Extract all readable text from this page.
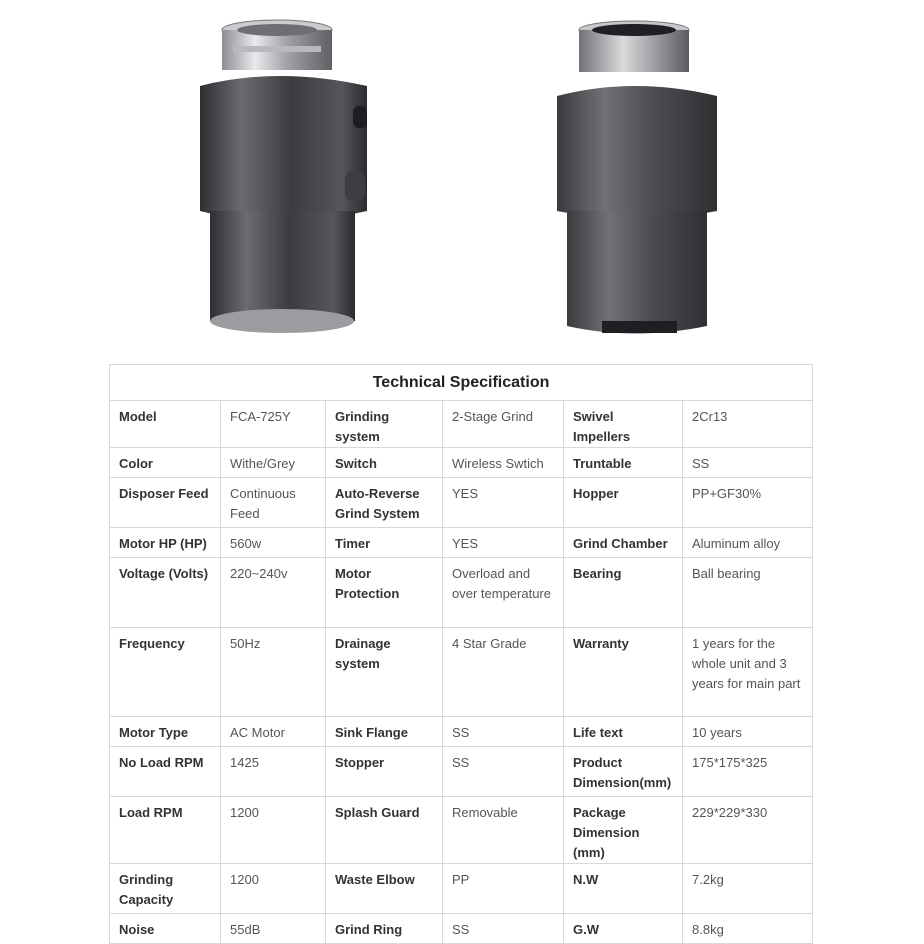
Technical Specification					
Model	FCA-725Y	Grinding system	2-Stage Grind	Swivel Impellers	2Cr13
Color	Withe/Grey	Switch	Wireless Swtich	Truntable	SS
Disposer Feed	Continuous Feed	Auto-Reverse Grind System	YES	Hopper	PP+GF30%
Motor HP (HP)	560w	Timer	YES	Grind Chamber	Aluminum alloy
Voltage (Volts)	220~240v	Motor Protection	Overload and over temperature	Bearing	Ball bearing
Frequency	50Hz	Drainage system	4 Star Grade	Warranty	1 years for the whole unit and 3 years for main part
Motor Type	AC Motor	Sink Flange	SS	Life text	10 years
No Load RPM	1425	Stopper	SS	Product Dimension(mm)	175*175*325
Load RPM	1200	Splash Guard	Removable	Package Dimension (mm)	229*229*330
Grinding Capacity	1200	Waste Elbow	PP	N.W	7.2kg
Noise	55dB	Grind Ring	SS	G.W	8.8kg
